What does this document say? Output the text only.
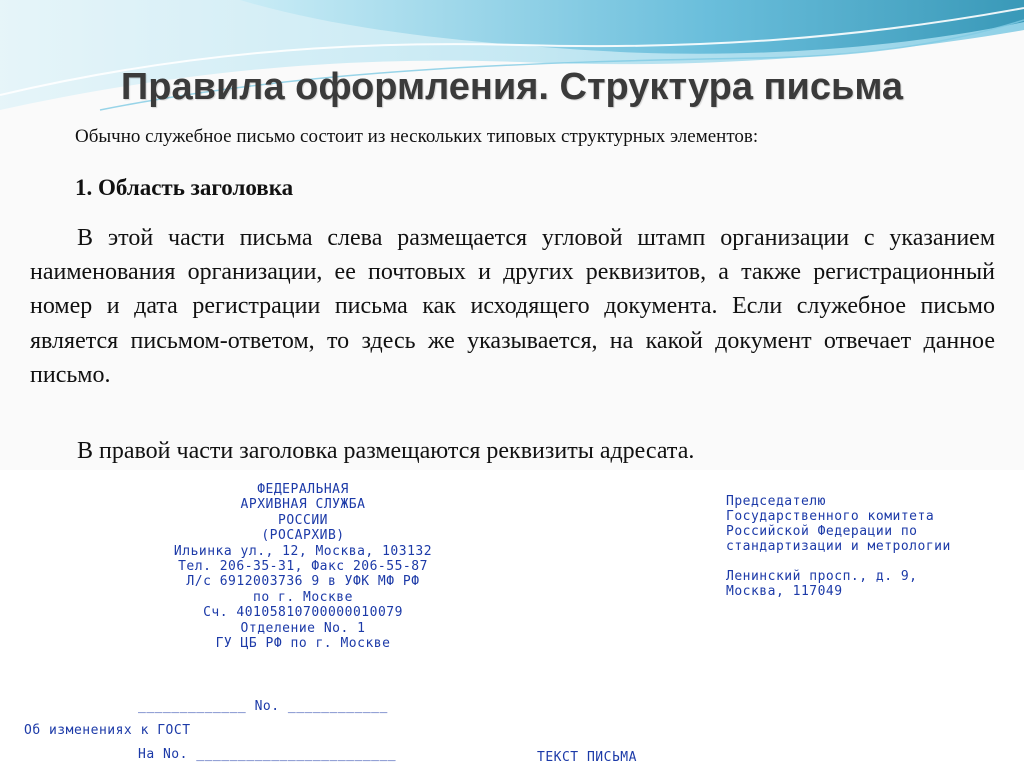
Правила оформления. Структура письма
Обычно служебное письмо состоит из нескольких типовых структурных элементов:
1. Область заголовка
В этой части письма слева размещается угловой штамп организации с указанием наименования организации, ее почтовых и других реквизитов, а также регистрационный номер и дата регистрации письма как исходящего документа. Если служебное письмо является письмом-ответом, то здесь же указывается, на какой документ отвечает данное письмо.
В правой части заголовка размещаются реквизиты адресата.
ФЕДЕРАЛЬНАЯ
АРХИВНАЯ СЛУЖБА
РОССИИ
(РОСАРХИВ)
Ильинка ул., 12, Москва, 103132
Тел. 206-35-31, Факс 206-55-87
Л/с 6912003736 9 в УФК МФ РФ
по г. Москве
Сч. 40105810700000010079
Отделение No. 1
ГУ ЦБ РФ по г. Москве

_____________ No. ____________

На No. ________________________

Председателю
Государственного комитета
Российской Федерации по
стандартизации и метрологии
Ленинский просп., д. 9,
Москва, 117049
Об изменениях к ГОСТ
ТЕКСТ ПИСЬМА
